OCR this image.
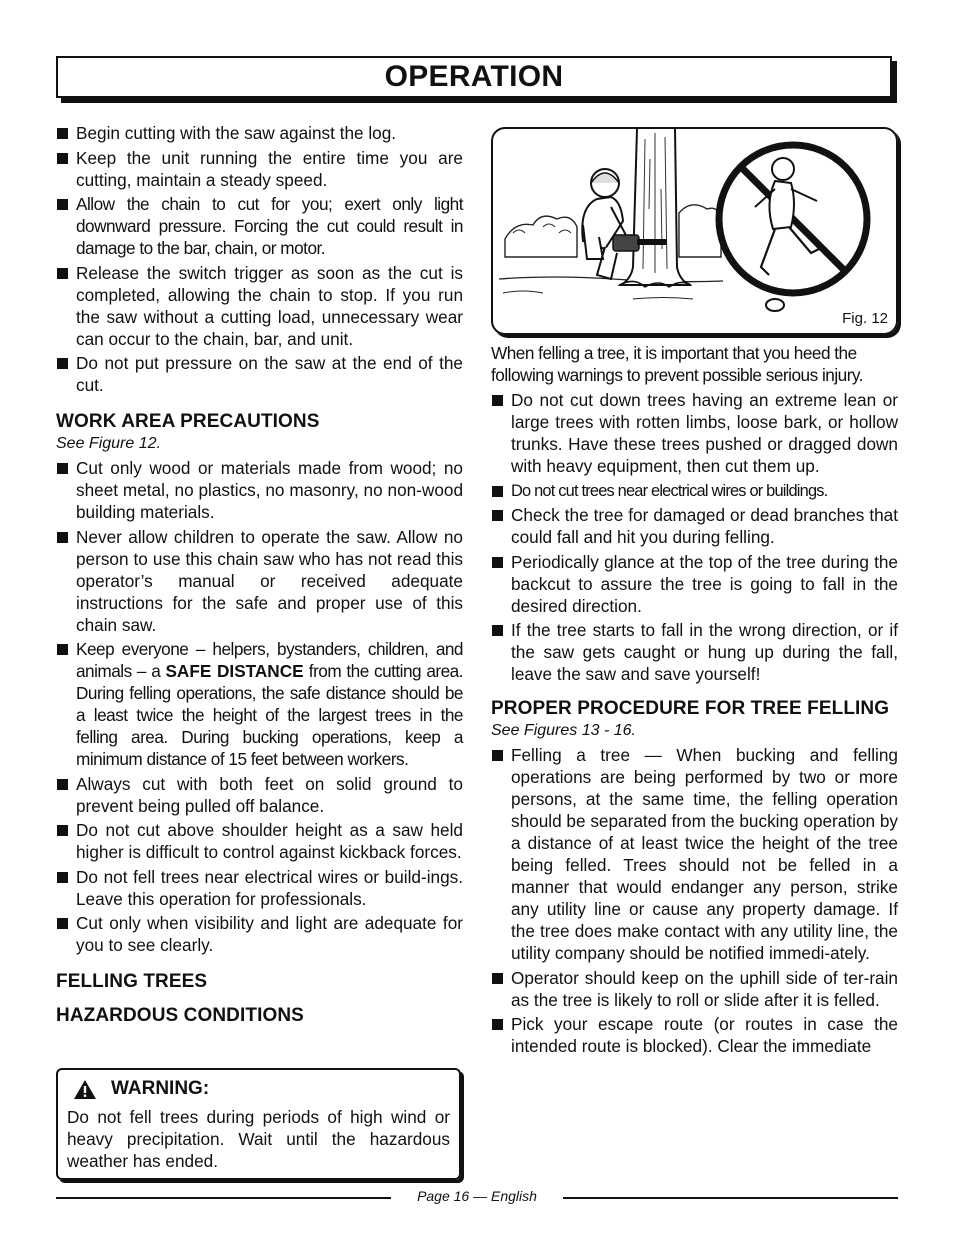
OPERATION
Begin cutting with the saw against the log.
Keep the unit running the entire time you are cutting, maintain a steady speed.
Allow the chain to cut for you; exert only light downward pressure. Forcing the cut could result in damage to the bar, chain, or motor.
Release the switch trigger as soon as the cut is completed, allowing the chain to stop. If you run the saw without a cutting load, unnecessary wear can occur to the chain, bar, and unit.
Do not put pressure on the saw at the end of the cut.
WORK AREA PRECAUTIONS
See Figure 12.
Cut only wood or materials made from wood; no sheet metal, no plastics, no masonry, no non-wood building materials.
Never allow children to operate the saw. Allow no person to use this chain saw who has not read this operator’s manual or received adequate instructions for the safe and proper use of this chain saw.
Keep everyone – helpers, bystanders, children, and animals – a SAFE DISTANCE from the cutting area. During felling operations, the safe distance should be a least twice the height of the largest trees in the felling area. During bucking operations, keep a minimum distance of 15 feet between workers.
Always cut with both feet on solid ground to prevent being pulled off balance.
Do not cut above shoulder height as a saw held higher is difficult to control against kickback forces.
Do not fell trees near electrical wires or build-ings. Leave this operation for professionals.
Cut only when visibility and light are adequate for you to see clearly.
FELLING TREES
HAZARDOUS CONDITIONS
WARNING:
Do not fell trees during periods of high wind or heavy precipitation. Wait until the hazardous weather has ended.
Fig. 12

When felling a tree, it is important that you heed the following warnings to prevent possible serious injury.

Do not cut down trees having an extreme lean or large trees with rotten limbs, loose bark, or hollow trunks. Have these trees pushed or dragged down with heavy equipment, then cut them up.
Do not cut trees near electrical wires or buildings.
Check the tree for damaged or dead branches that could fall and hit you during felling.
Periodically glance at the top of the tree during the backcut to assure the tree is going to fall in the desired direction.
If the tree starts to fall in the wrong direction, or if the saw gets caught or hung up during the fall, leave the saw and save yourself!
PROPER PROCEDURE FOR TREE FELLING
See Figures 13 - 16.
Felling a tree — When bucking and felling operations are being performed by two or more persons, at the same time, the felling operation should be separated from the bucking operation by a distance of at least twice the height of the tree being felled. Trees should not be felled in a manner that would endanger any person, strike any utility line or cause any property damage. If the tree does make contact with any utility line, the utility company should be notified immedi-ately.
Operator should keep on the uphill side of ter-rain as the tree is likely to roll or slide after it is felled.
Pick your escape route (or routes in case the intended route is blocked). Clear the immediate
Page 16 — English
